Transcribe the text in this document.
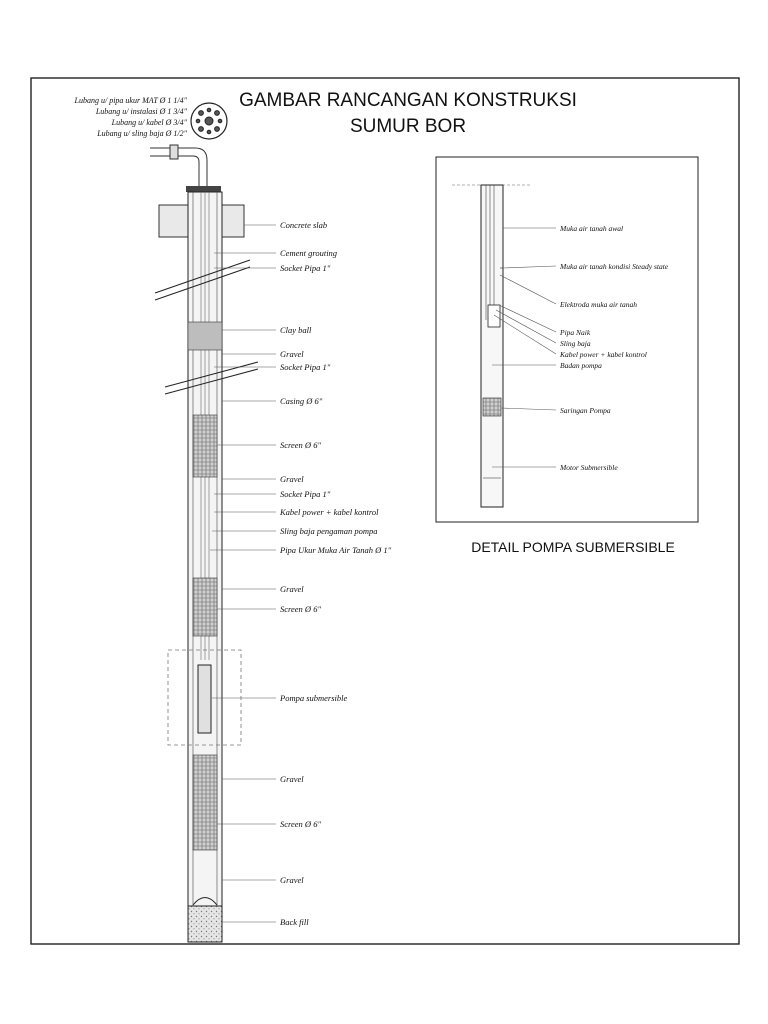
GAMBAR RANCANGAN KONSTRUKSI
SUMUR BOR
Lubang u/ pipa ukur MAT Ø 1 1/4"
Lubang u/ instalasi Ø 1 3/4"
Lubang u/ kabel Ø 3/4"
Lubang u/ sling baja Ø 1/2"
Concrete slab
Cement grouting
Socket Pipa 1"
Clay ball
Gravel
Socket Pipa 1"
Casing Ø 6"
Screen Ø 6"
Gravel
Socket Pipa 1"
Kabel power + kabel kontrol
Sling baja pengaman pompa
Pipa Ukur Muka Air Tanah Ø 1"
Gravel
Screen Ø 6"
Pompa submersible
Gravel
Screen Ø 6"
Gravel
Back fill
Muka air tanah awal
Muka air tanah kondisi Steady state
Elektroda muka air tanah
Pipa Naik
Sling baja
Kabel power + kabel kontrol
Badan pompa
Saringan Pompa
Motor Submersible
DETAIL POMPA SUBMERSIBLE
